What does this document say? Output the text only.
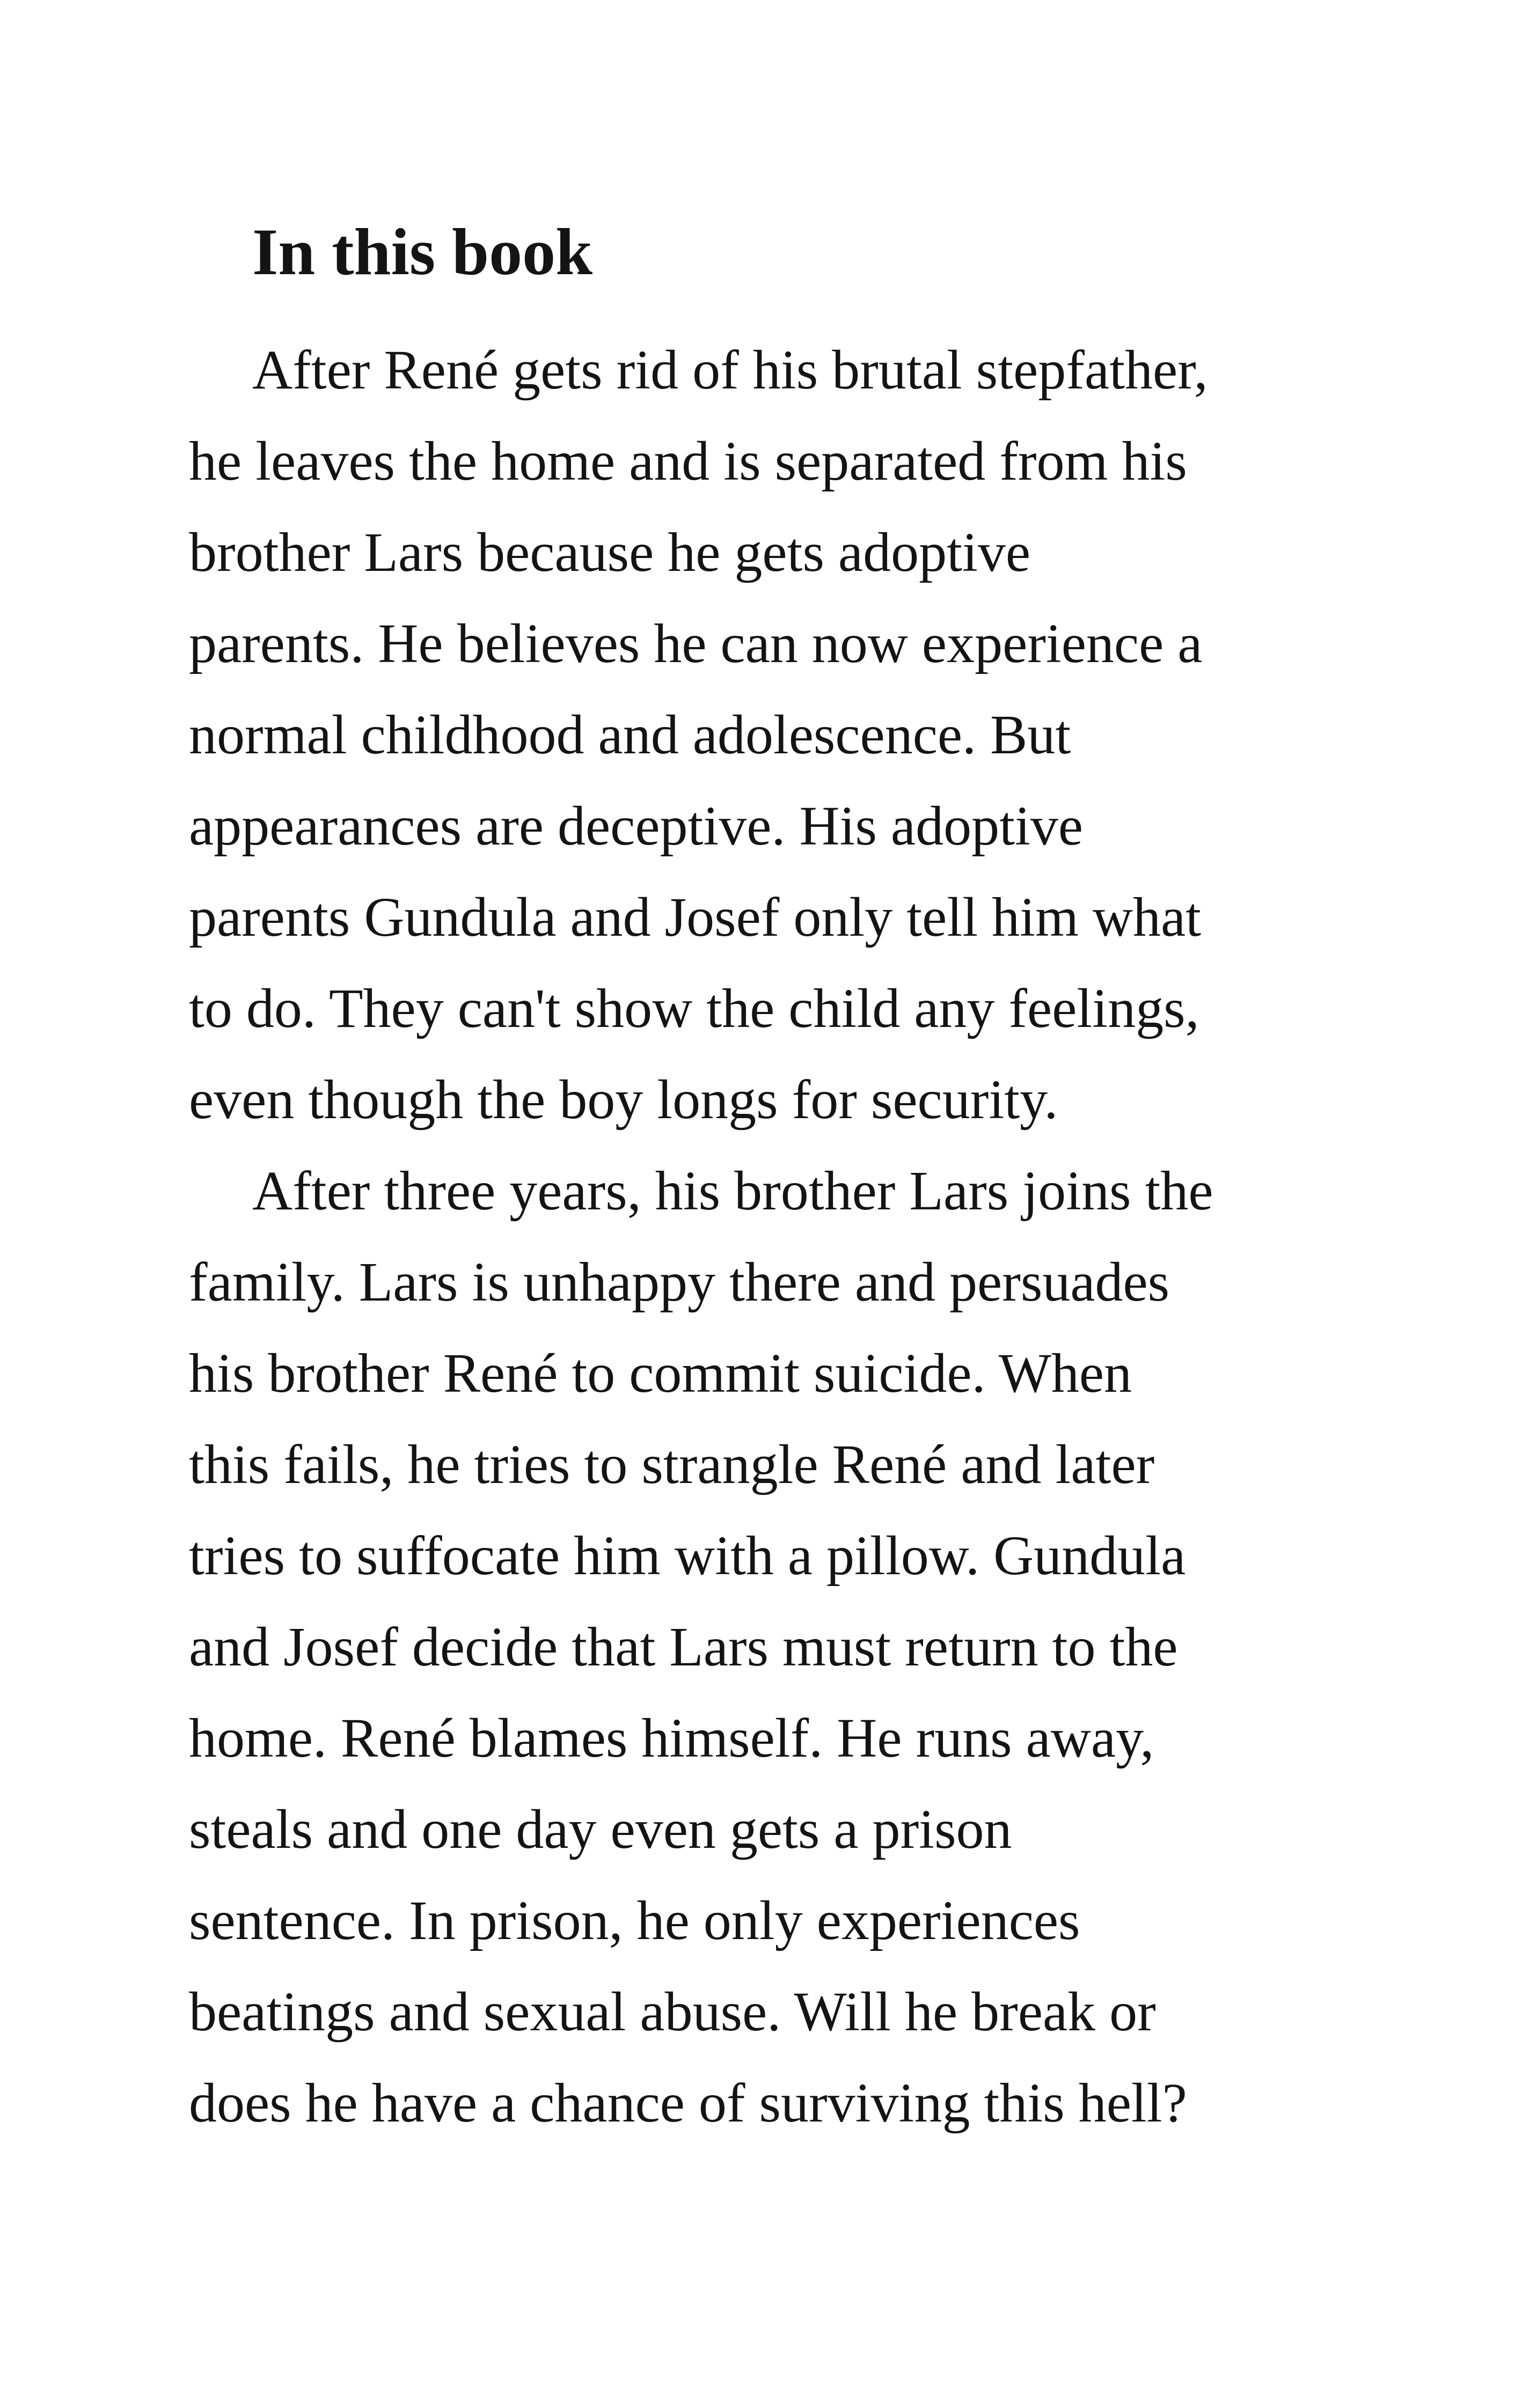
In this book
After René gets rid of his brutal stepfather,
he leaves the home and is separated from his
brother Lars because he gets adoptive
parents. He believes he can now experience a
normal childhood and adolescence. But
appearances are deceptive. His adoptive
parents Gundula and Josef only tell him what
to do. They can't show the child any feelings,
even though the boy longs for security.
After three years, his brother Lars joins the
family. Lars is unhappy there and persuades
his brother René to commit suicide. When
this fails, he tries to strangle René and later
tries to suffocate him with a pillow. Gundula
and Josef decide that Lars must return to the
home. René blames himself. He runs away,
steals and one day even gets a prison
sentence. In prison, he only experiences
beatings and sexual abuse. Will he break or
does he have a chance of surviving this hell?
